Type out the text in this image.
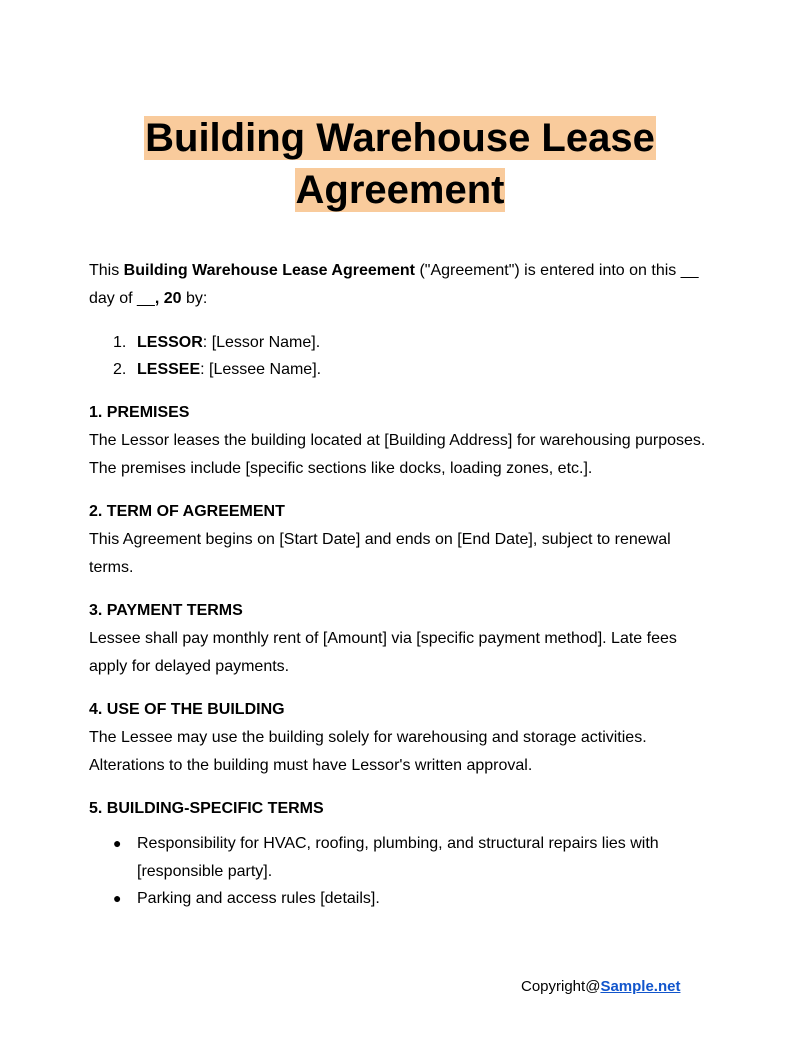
Building Warehouse Lease
Agreement

This Building Warehouse Lease Agreement ("Agreement") is entered into on this __ day of __, 20 by:

1. LESSOR: [Lessor Name].
2. LESSEE: [Lessee Name].
1. PREMISES

The Lessor leases the building located at [Building Address] for warehousing purposes. The premises include [specific sections like docks, loading zones, etc.].

2. TERM OF AGREEMENT

This Agreement begins on [Start Date] and ends on [End Date], subject to renewal terms.

3. PAYMENT TERMS

Lessee shall pay monthly rent of [Amount] via [specific payment method]. Late fees apply for delayed payments.

4. USE OF THE BUILDING

The Lessee may use the building solely for warehousing and storage activities. Alterations to the building must have Lessor's written approval.

5. BUILDING-SPECIFIC TERMS
● Responsibility for HVAC, roofing, plumbing, and structural repairs lies with [responsible party].
● Parking and access rules [details].
Copyright@Sample.net
